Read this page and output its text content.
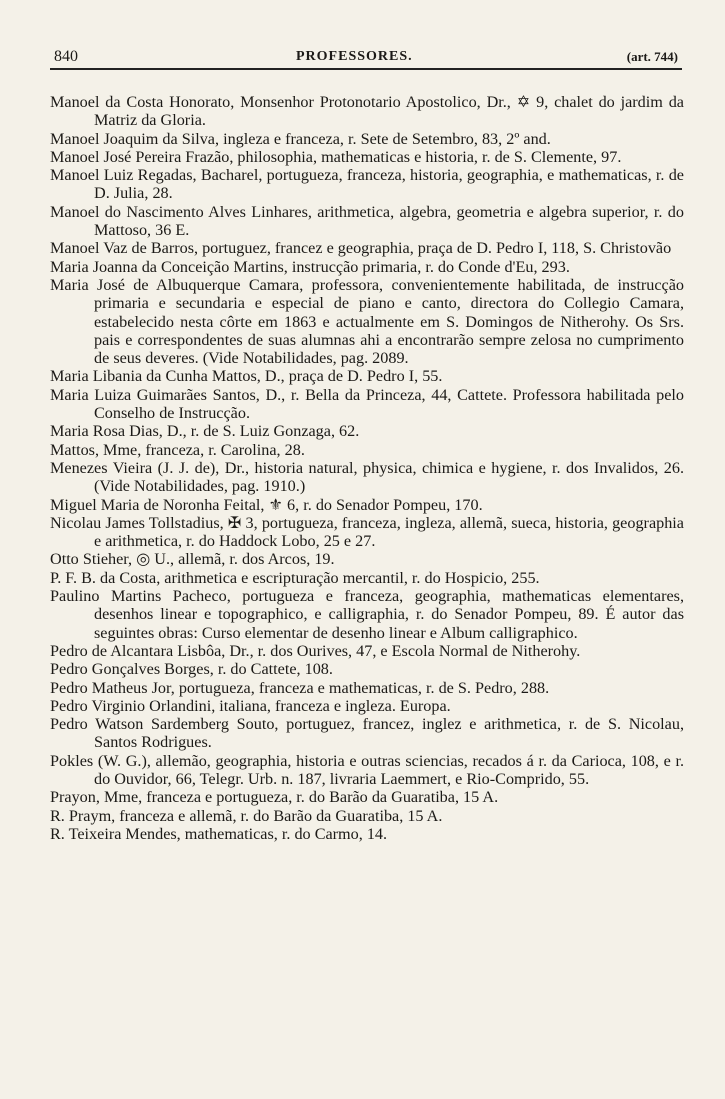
840	PROFESSORES.	(art. 744)

Manoel da Costa Honorato, Monsenhor Protonotario Apostolico, Dr., ✡ 9, chalet do jardim da Matriz da Gloria.

Manoel Joaquim da Silva, ingleza e franceza, r. Sete de Setembro, 83, 2º and.

Manoel José Pereira Frazão, philosophia, mathematicas e historia, r. de S. Clemente, 97.

Manoel Luiz Regadas, Bacharel, portugueza, franceza, historia, geographia, e mathematicas, r. de D. Julia, 28.

Manoel do Nascimento Alves Linhares, arithmetica, algebra, geometria e algebra superior, r. do Mattoso, 36 E.

Manoel Vaz de Barros, portuguez, francez e geographia, praça de D. Pedro I, 118, S. Christovão

Maria Joanna da Conceição Martins, instrucção primaria, r. do Conde d'Eu, 293.

Maria José de Albuquerque Camara, professora, convenientemente habilitada, de instrucção primaria e secundaria e especial de piano e canto, directora do Collegio Camara, estabelecido nesta côrte em 1863 e actualmente em S. Domingos de Nitherohy. Os Srs. pais e correspondentes de suas alumnas ahi a encontrarão sempre zelosa no cumprimento de seus deveres. (Vide Notabilidades, pag. 2089.

Maria Libania da Cunha Mattos, D., praça de D. Pedro I, 55.

Maria Luiza Guimarães Santos, D., r. Bella da Princeza, 44, Cattete. Professora habilitada pelo Conselho de Instrucção.

Maria Rosa Dias, D., r. de S. Luiz Gonzaga, 62.

Mattos, Mme, franceza, r. Carolina, 28.

Menezes Vieira (J. J. de), Dr., historia natural, physica, chimica e hygiene, r. dos Invalidos, 26. (Vide Notabilidades, pag. 1910.)

Miguel Maria de Noronha Feital, ⚜ 6, r. do Senador Pompeu, 170.

Nicolau James Tollstadius, ✠ 3, portugueza, franceza, ingleza, allemã, sueca, historia, geographia e arithmetica, r. do Haddock Lobo, 25 e 27.

Otto Stieher, ◎ U., allemã, r. dos Arcos, 19.

P. F. B. da Costa, arithmetica e escripturação mercantil, r. do Hospicio, 255.

Paulino Martins Pacheco, portugueza e franceza, geographia, mathematicas elementares, desenhos linear e topographico, e calligraphia, r. do Senador Pompeu, 89. É autor das seguintes obras: Curso elementar de desenho linear e Album calligraphico.

Pedro de Alcantara Lisbôa, Dr., r. dos Ourives, 47, e Escola Normal de Nitherohy.

Pedro Gonçalves Borges, r. do Cattete, 108.

Pedro Matheus Jor, portugueza, franceza e mathematicas, r. de S. Pedro, 288.

Pedro Virginio Orlandini, italiana, franceza e ingleza. Europa.

Pedro Watson Sardemberg Souto, portuguez, francez, inglez e arithmetica, r. de S. Nicolau, Santos Rodrigues.

Pokles (W. G.), allemão, geographia, historia e outras sciencias, recados á r. da Carioca, 108, e r. do Ouvidor, 66, Telegr. Urb. n. 187, livraria Laemmert, e Rio-Comprido, 55.

Prayon, Mme, franceza e portugueza, r. do Barão da Guaratiba, 15 A.

R. Praym, franceza e allemã, r. do Barão da Guaratiba, 15 A.

R. Teixeira Mendes, mathematicas, r. do Carmo, 14.
